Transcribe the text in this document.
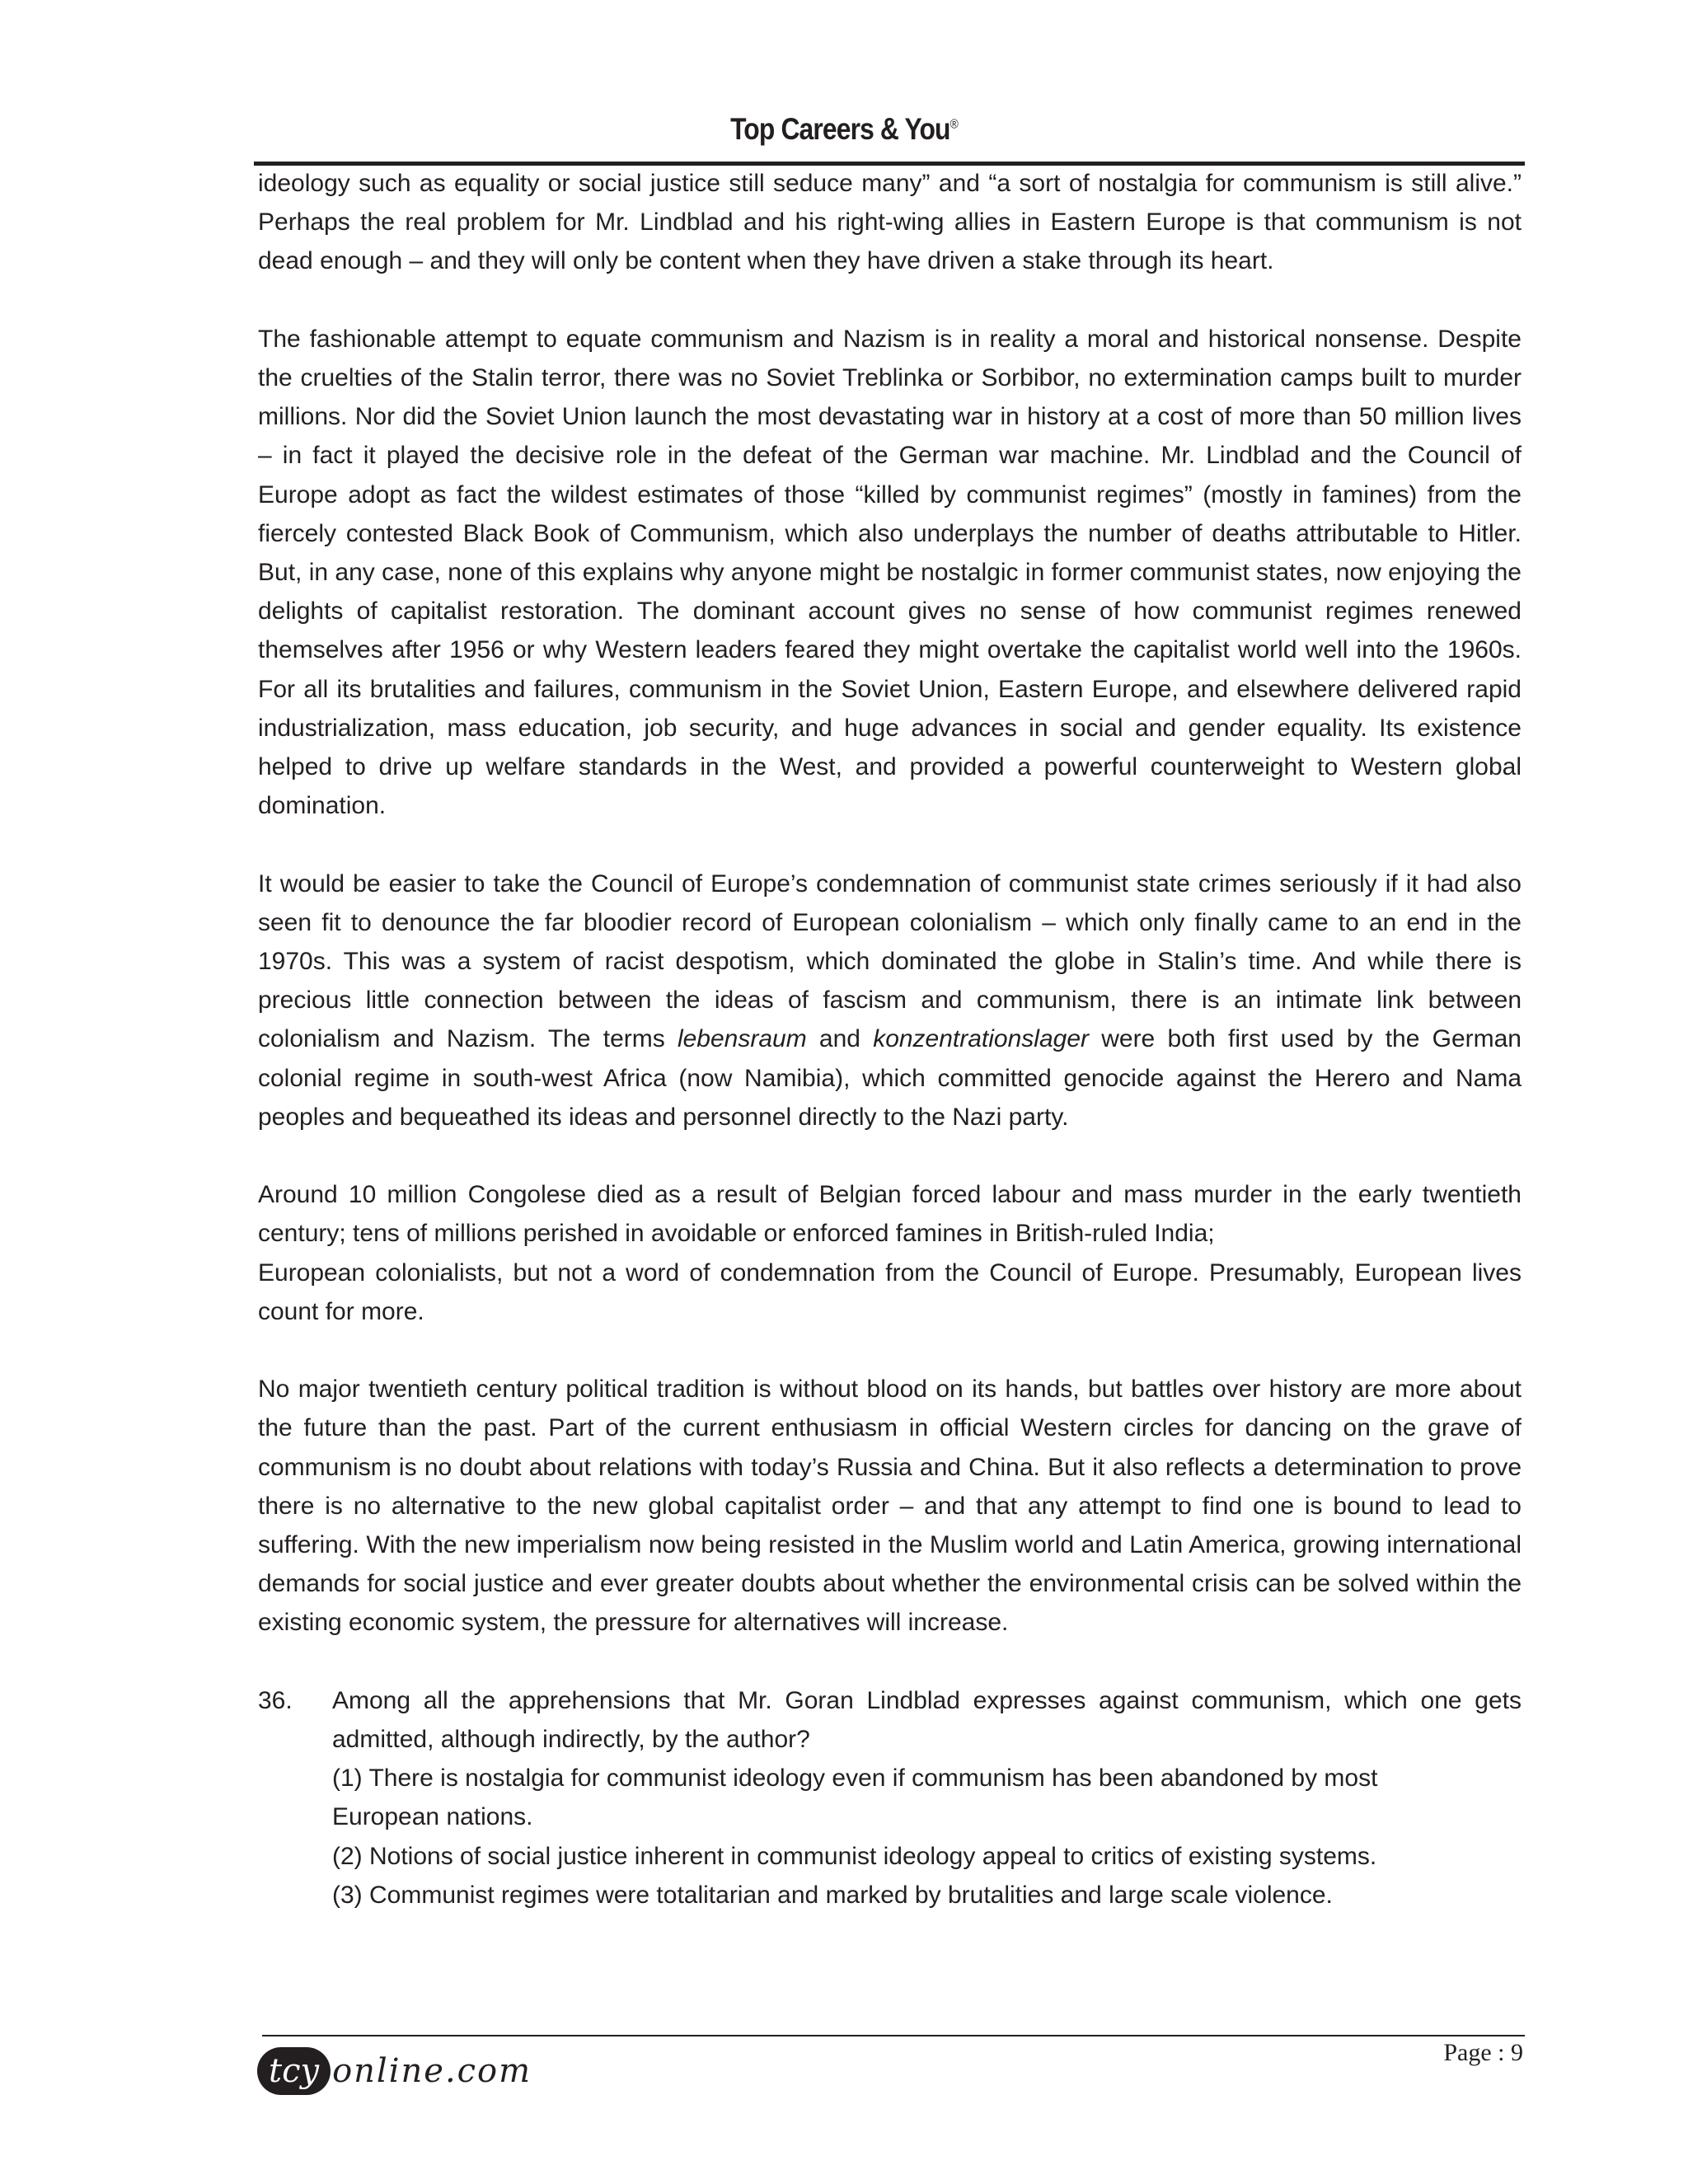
Top Careers & You®

ideology such as equality or social justice still seduce many” and “a sort of nostalgia for communism is still alive.” Perhaps the real problem for Mr. Lindblad and his right-wing allies in Eastern Europe is that communism is not dead enough – and they will only be content when they have driven a stake through its heart.

The fashionable attempt to equate communism and Nazism is in reality a moral and historical nonsense. Despite the cruelties of the Stalin terror, there was no Soviet Treblinka or Sorbibor, no extermination camps built to murder millions. Nor did the Soviet Union launch the most devastating war in history at a cost of more than 50 million lives – in fact it played the decisive role in the defeat of the German war machine. Mr. Lindblad and the Council of Europe adopt as fact the wildest estimates of those “killed by communist regimes” (mostly in famines) from the fiercely contested Black Book of Communism, which also underplays the number of deaths attributable to Hitler. But, in any case, none of this explains why anyone might be nostalgic in former communist states, now enjoying the delights of capitalist restoration. The dominant account gives no sense of how communist regimes renewed themselves after 1956 or why Western leaders feared they might overtake the capitalist world well into the 1960s. For all its brutalities and failures, communism in the Soviet Union, Eastern Europe, and elsewhere delivered rapid industrialization, mass education, job security, and huge advances in social and gender equality. Its existence helped to drive up welfare standards in the West, and provided a powerful counterweight to Western global domination.

It would be easier to take the Council of Europe’s condemnation of communist state crimes seriously if it had also seen fit to denounce the far bloodier record of European colonialism – which only finally came to an end in the 1970s. This was a system of racist despotism, which dominated the globe in Stalin’s time. And while there is precious little connection between the ideas of fascism and communism, there is an intimate link between colonialism and Nazism. The terms lebensraum and konzentrationslager were both first used by the German colonial regime in south-west Africa (now Namibia), which committed genocide against the Herero and Nama peoples and bequeathed its ideas and personnel directly to the Nazi party.

Around 10 million Congolese died as a result of Belgian forced labour and mass murder in the early twentieth century; tens of millions perished in avoidable or enforced famines in British-ruled India;

European colonialists, but not a word of condemnation from the Council of Europe. Presumably, European lives count for more.

No major twentieth century political tradition is without blood on its hands, but battles over history are more about the future than the past. Part of the current enthusiasm in official Western circles for dancing on the grave of communism is no doubt about relations with today’s Russia and China. But it also reflects a determination to prove there is no alternative to the new global capitalist order – and that any attempt to find one is bound to lead to suffering. With the new imperialism now being resisted in the Muslim world and Latin America, growing international demands for social justice and ever greater doubts about whether the environmental crisis can be solved within the existing economic system, the pressure for alternatives will increase.

36.	Among all the apprehensions that Mr. Goran Lindblad expresses against communism, which one gets admitted, although indirectly, by the author?
(1) There is nostalgia for communist ideology even if communism has been abandoned by most
European nations.
(2) Notions of social justice inherent in communist ideology appeal to critics of existing systems.
(3) Communist regimes were totalitarian and marked by brutalities and large scale violence.
tcy online.com	Page : 9
